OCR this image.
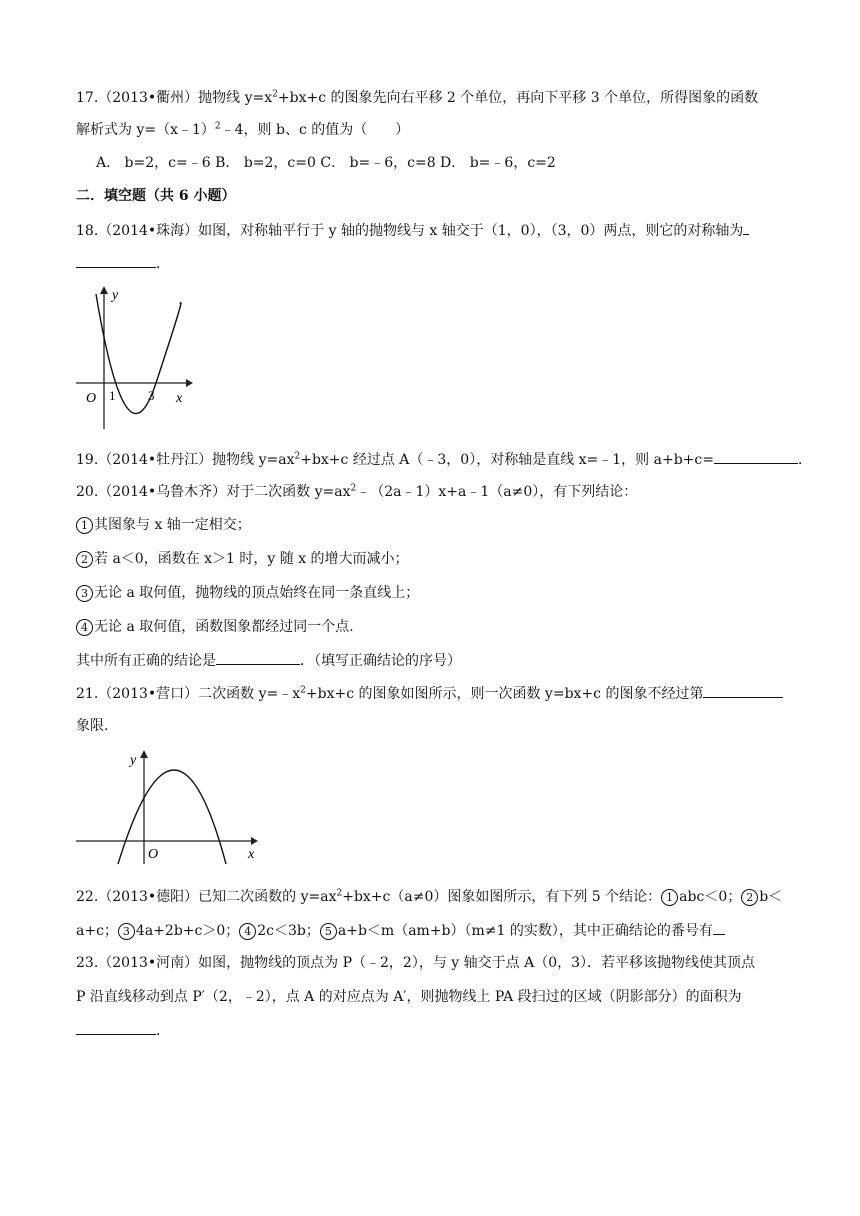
17.（2013•衢州）抛物线 $y=x^2+bx+c$ 的图象先向右平移 2 个单位，再向下平移 3 个单位，所得图象的函数
解析式为 y=（x﹣1）$^2$﹣4，则 b、c 的值为（　　）
A． b=2，c=﹣6 B． b=2，c=0 C． b=﹣6，c=8 D． b=﹣6，c=2
二．填空题（共 6 小题）
18.（2014•珠海）如图，对称轴平行于 y 轴的抛物线与 x 轴交于（1，0），（3，0）两点，则它的对称轴为
．
y
x
O 1	3
19.（2014•牡丹江）抛物线 $y=ax^2+bx+c$ 经过点 A（﹣3，0），对称轴是直线 x=﹣1，则 a+b+c=	．
20.（2014•乌鲁木齐）对于二次函数 $y=ax^2﹣(2a﹣1)x+a﹣1(a\ne 0)$，有下列结论：
1 其图象与 x 轴一定相交；
2 若 a＜0，函数在 x＞1 时，y 随 x 的增大而减小；
3 无论 a 取何值，抛物线的顶点始终在同一条直线上；
4 无论 a 取何值，函数图象都经过同一个点.
其中所有正确的结论是	．（填写正确结论的序号）
21.（2013•营口）二次函数 $y=﹣x^2+bx+c$ 的图象如图所示，则一次函数 y=bx+c 的图象不经过第
象限.
y
x
O
22.（2013•德阳）已知二次函数的 $y=ax^2+bx+c(a\ne 0)$图象如图所示，有下列 5 个结论： 1 abc＜0； 2 b＜
a+c； 3 4a+2b+c＞0； 4 2c＜3b； 5 a+b＜m（am+b）（m≠1 的实数），其中正确结论的番号有
23.（2013•河南）如图，抛物线的顶点为 P（﹣2，2），与 y 轴交于点 A（0，3）．若平移该抛物线使其顶点
P 沿直线移动到点 P′（2，﹣2），点 A 的对应点为 A′，则抛物线上 PA 段扫过的区域（阴影部分）的面积为
．
